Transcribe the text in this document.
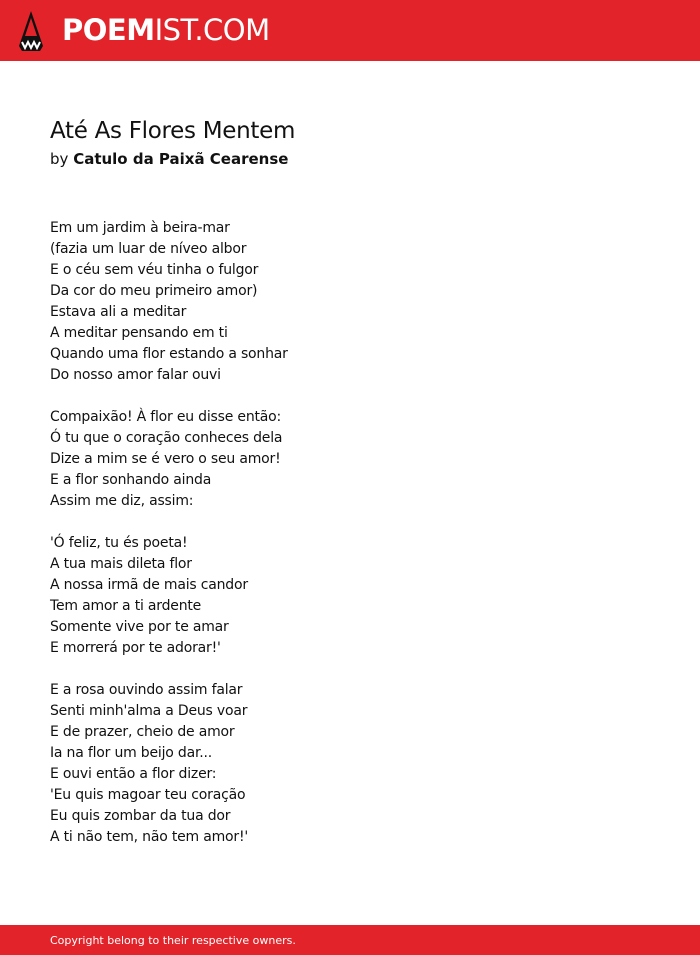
POEMIST.COM
Até As Flores Mentem
by Catulo da Paixã Cearense
Em um jardim à beira-mar
(fazia um luar de níveo albor
E o céu sem véu tinha o fulgor
Da cor do meu primeiro amor)
Estava ali a meditar
A meditar pensando em ti
Quando uma flor estando a sonhar
Do nosso amor falar ouvi
Compaixão! À flor eu disse então:
Ó tu que o coração conheces dela
Dize a mim se é vero o seu amor!
E a flor sonhando ainda
Assim me diz, assim:
'Ó feliz, tu és poeta!
A tua mais dileta flor
A nossa irmã de mais candor
Tem amor a ti ardente
Somente vive por te amar
E morrerá por te adorar!'
E a rosa ouvindo assim falar
Senti minh'alma a Deus voar
E de prazer, cheio de amor
Ia na flor um beijo dar...
E ouvi então a flor dizer:
'Eu quis magoar teu coração
Eu quis zombar da tua dor
A ti não tem, não tem amor!'
Copyright belong to their respective owners.
